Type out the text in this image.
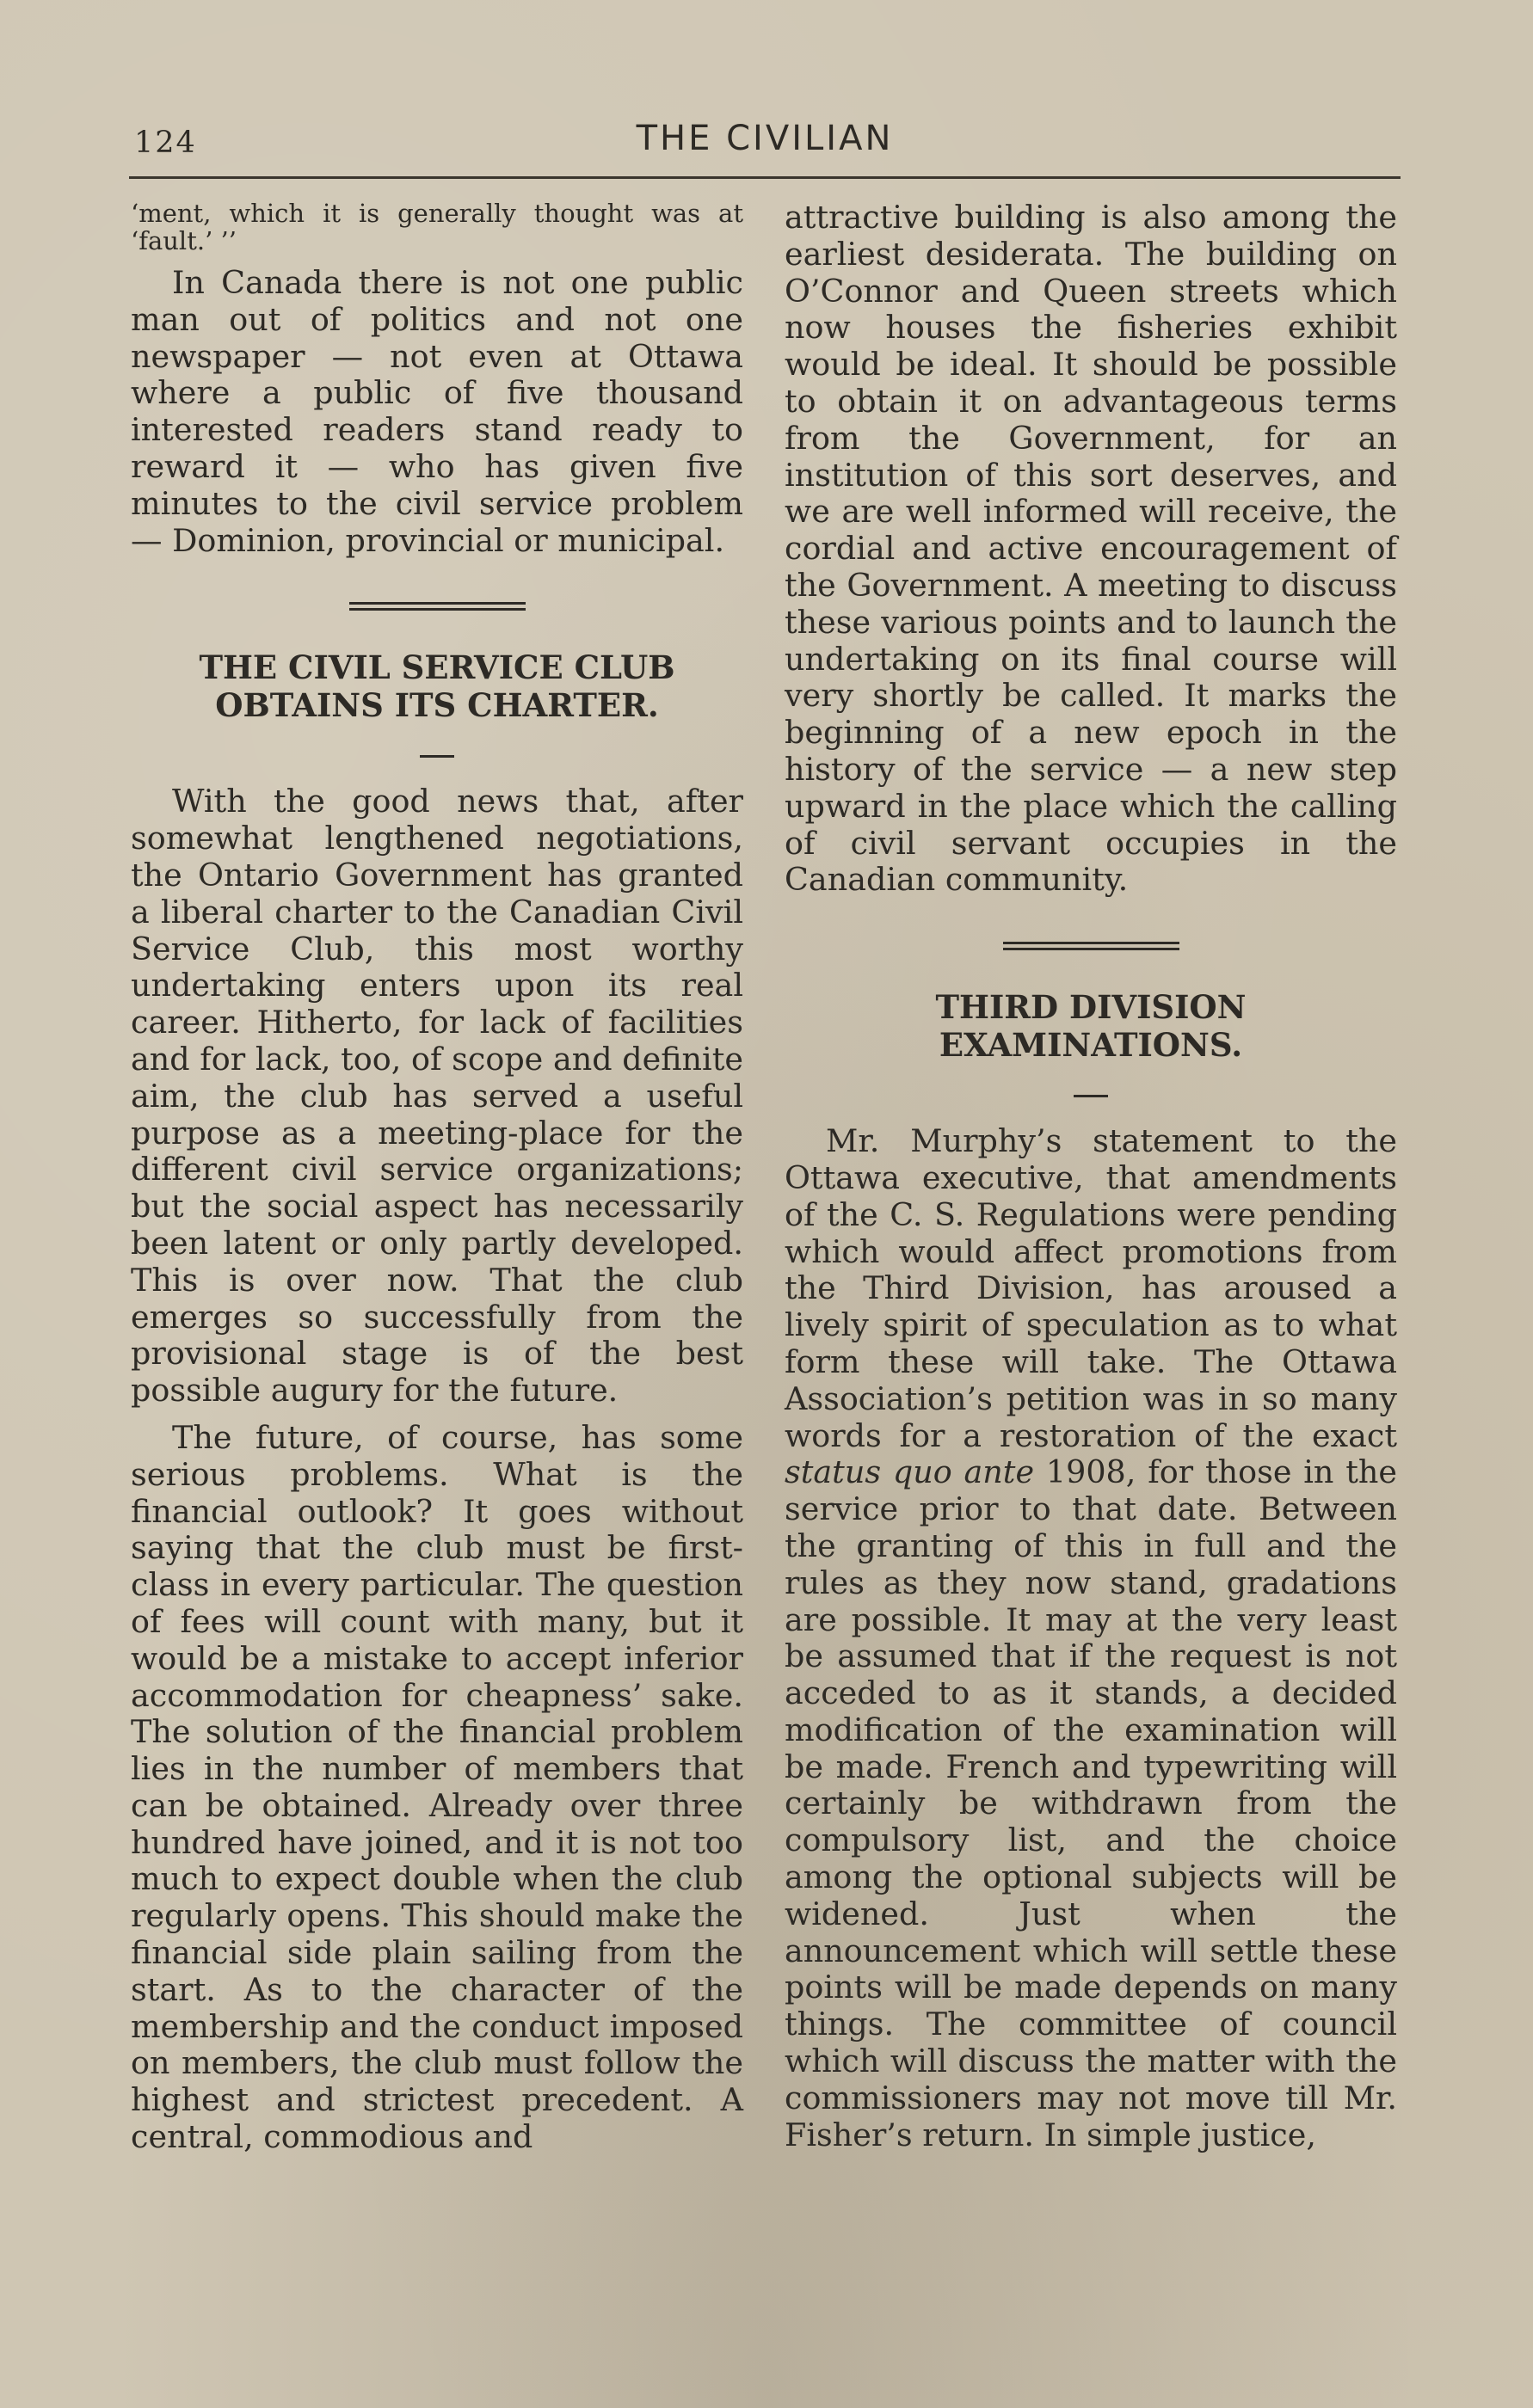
124	THE CIVILIAN

‘ment, which it is generally thought was at ‘fault.’ ’’

In Canada there is not one public man out of politics and not one newspaper — not even at Ottawa where a public of five thousand interested readers stand ready to reward it — who has given five minutes to the civil service problem — Dominion, provincial or municipal.

THE CIVIL SERVICE CLUB OBTAINS ITS CHARTER.

With the good news that, after somewhat lengthened negotiations, the Ontario Government has granted a liberal charter to the Canadian Civil Service Club, this most worthy undertaking enters upon its real career. Hitherto, for lack of facilities and for lack, too, of scope and definite aim, the club has served a useful purpose as a meeting-place for the different civil service organizations; but the social aspect has necessarily been latent or only partly developed. This is over now. That the club emerges so successfully from the provisional stage is of the best possible augury for the future.

The future, of course, has some serious problems. What is the financial outlook? It goes without saying that the club must be first-class in every particular. The question of fees will count with many, but it would be a mistake to accept inferior accommodation for cheapness’ sake. The solution of the financial problem lies in the number of members that can be obtained. Already over three hundred have joined, and it is not too much to expect double when the club regularly opens. This should make the financial side plain sailing from the start. As to the character of the membership and the conduct imposed on members, the club must follow the highest and strictest precedent. A central, commodious and

attractive building is also among the earliest desiderata. The building on O’Connor and Queen streets which now houses the fisheries exhibit would be ideal. It should be possible to obtain it on advantageous terms from the Government, for an institution of this sort deserves, and we are well informed will receive, the cordial and active encouragement of the Government. A meeting to discuss these various points and to launch the undertaking on its final course will very shortly be called. It marks the beginning of a new epoch in the history of the service — a new step upward in the place which the calling of civil servant occupies in the Canadian community.

THIRD DIVISION EXAMINATIONS.

Mr. Murphy’s statement to the Ottawa executive, that amendments of the C. S. Regulations were pending which would affect promotions from the Third Division, has aroused a lively spirit of speculation as to what form these will take. The Ottawa Association’s petition was in so many words for a restoration of the exact status quo ante 1908, for those in the service prior to that date. Between the granting of this in full and the rules as they now stand, gradations are possible. It may at the very least be assumed that if the request is not acceded to as it stands, a decided modification of the examination will be made. French and typewriting will certainly be withdrawn from the compulsory list, and the choice among the optional subjects will be widened. Just when the announcement which will settle these points will be made depends on many things. The committee of council which will discuss the matter with the commissioners may not move till Mr. Fisher’s return. In simple justice,
